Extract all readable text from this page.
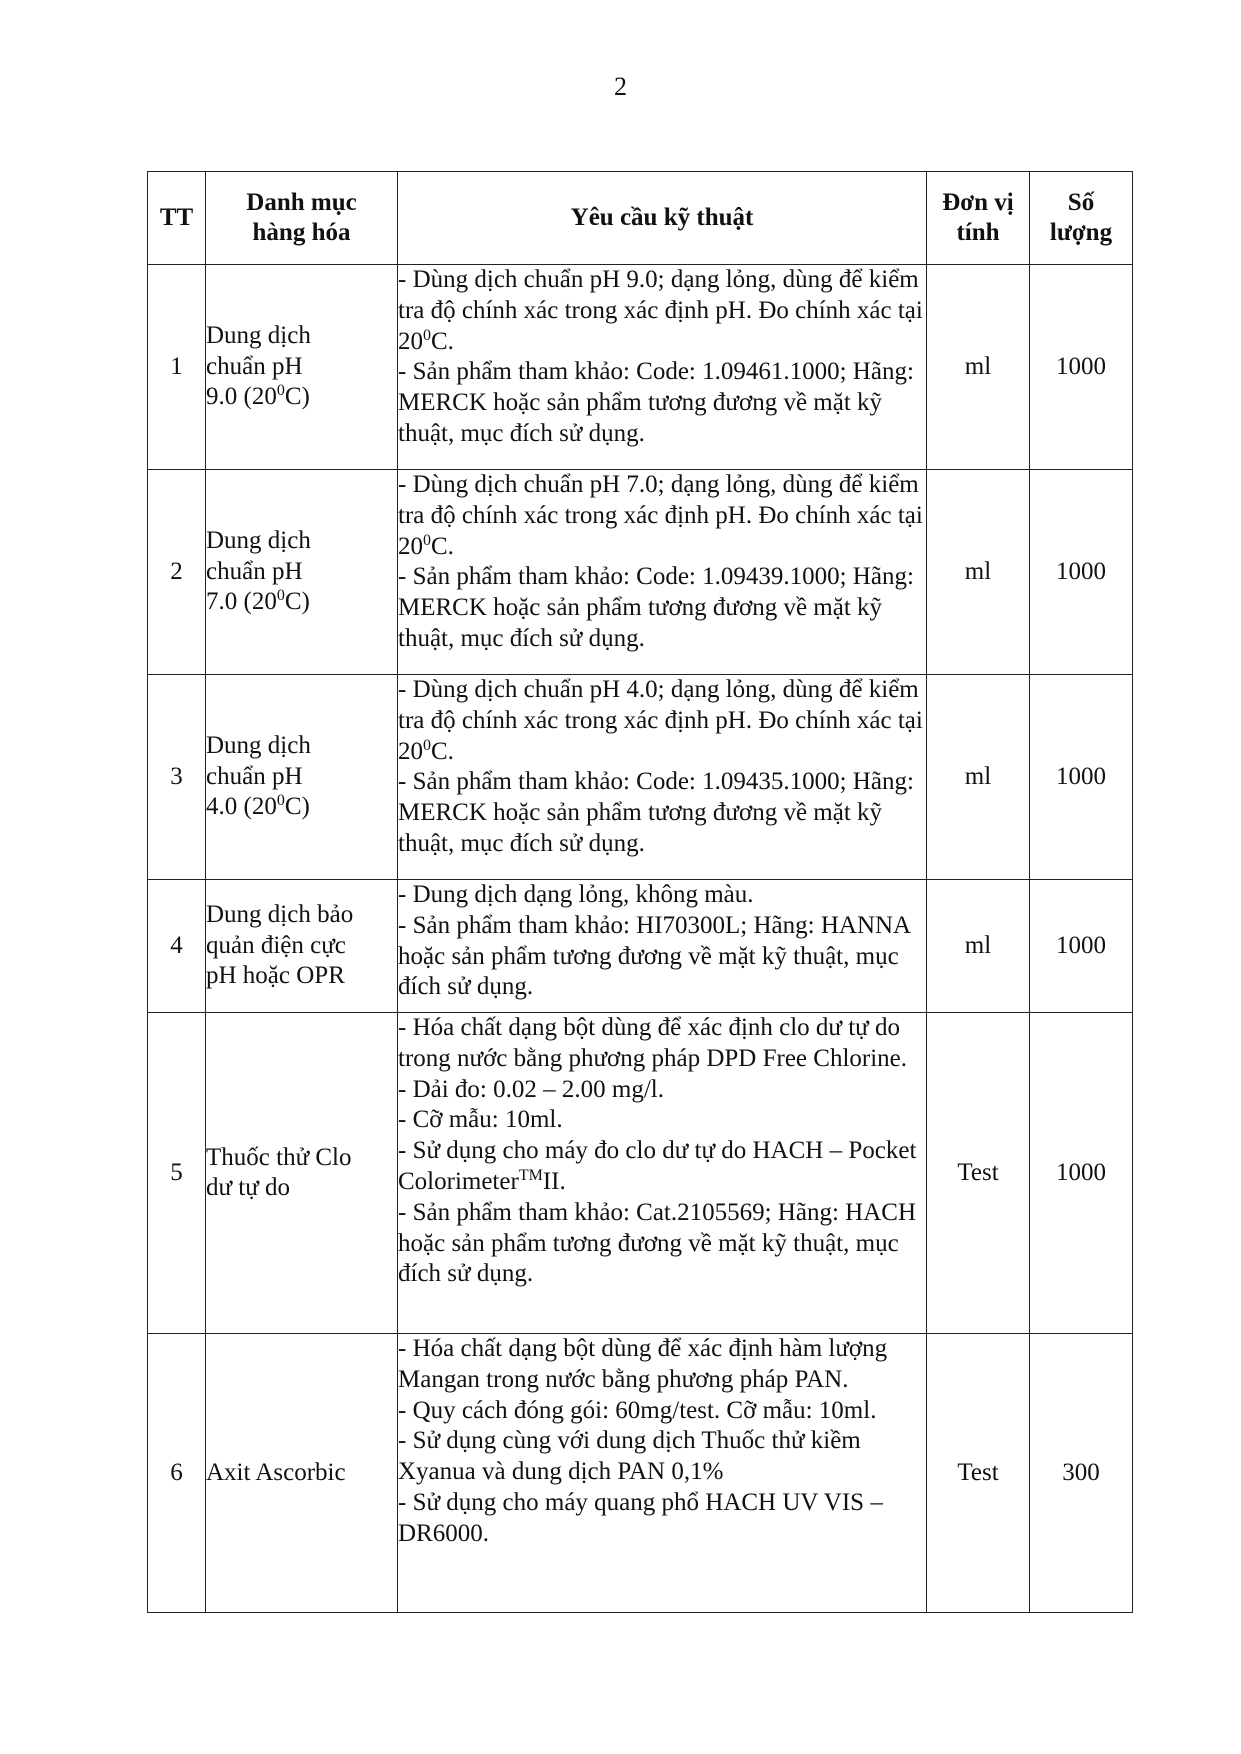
2
TT	Danh mục hàng hóa	Yêu cầu kỹ thuật	Đơn vị tính	Số lượng
1	Dung dịch chuẩn pH 9.0 $(20^0C)$	- Dùng dịch chuẩn pH 9.0; dạng lỏng, dùng để kiểm tra độ chính xác trong xác định pH. Đo chính xác tại $20^0C$.
- Sản phẩm tham khảo: Code: 1.09461.1000; Hãng: MERCK hoặc sản phẩm tương đương về mặt kỹ thuật, mục đích sử dụng.	ml	1000
2	Dung dịch chuẩn pH 7.0 $(20^0C)$	- Dùng dịch chuẩn pH 7.0; dạng lỏng, dùng để kiểm tra độ chính xác trong xác định pH. Đo chính xác tại $20^0C$.
- Sản phẩm tham khảo: Code: 1.09439.1000; Hãng: MERCK hoặc sản phẩm tương đương về mặt kỹ thuật, mục đích sử dụng.	ml	1000
3	Dung dịch chuẩn pH 4.0 $(20^0C)$	- Dùng dịch chuẩn pH 4.0; dạng lỏng, dùng để kiểm tra độ chính xác trong xác định pH. Đo chính xác tại $20^0C$.
- Sản phẩm tham khảo: Code: 1.09435.1000; Hãng: MERCK hoặc sản phẩm tương đương về mặt kỹ thuật, mục đích sử dụng.	ml	1000
4	Dung dịch bảo quản điện cực pH hoặc OPR	- Dung dịch dạng lỏng, không màu.
- Sản phẩm tham khảo: HI70300L; Hãng: HANNA hoặc sản phẩm tương đương về mặt kỹ thuật, mục đích sử dụng.	ml	1000
5	Thuốc thử Clo dư tự do	- Hóa chất dạng bột dùng để xác định clo dư tự do trong nước bằng phương pháp DPD Free Chlorine.
- Dải đo: 0.02 – 2.00 mg/l.
- Cỡ mẫu: 10ml.
- Sử dụng cho máy đo clo dư tự do HACH – Pocket Colorimeter™II.
- Sản phẩm tham khảo: Cat.2105569; Hãng: HACH hoặc sản phẩm tương đương về mặt kỹ thuật, mục đích sử dụng.	Test	1000
6	Axit Ascorbic	- Hóa chất dạng bột dùng để xác định hàm lượng Mangan trong nước bằng phương pháp PAN.
- Quy cách đóng gói: 60mg/test. Cỡ mẫu: 10ml.
- Sử dụng cùng với dung dịch Thuốc thử kiềm Xyanua và dung dịch PAN 0,1%
- Sử dụng cho máy quang phổ HACH UV VIS –DR6000.	Test	300
